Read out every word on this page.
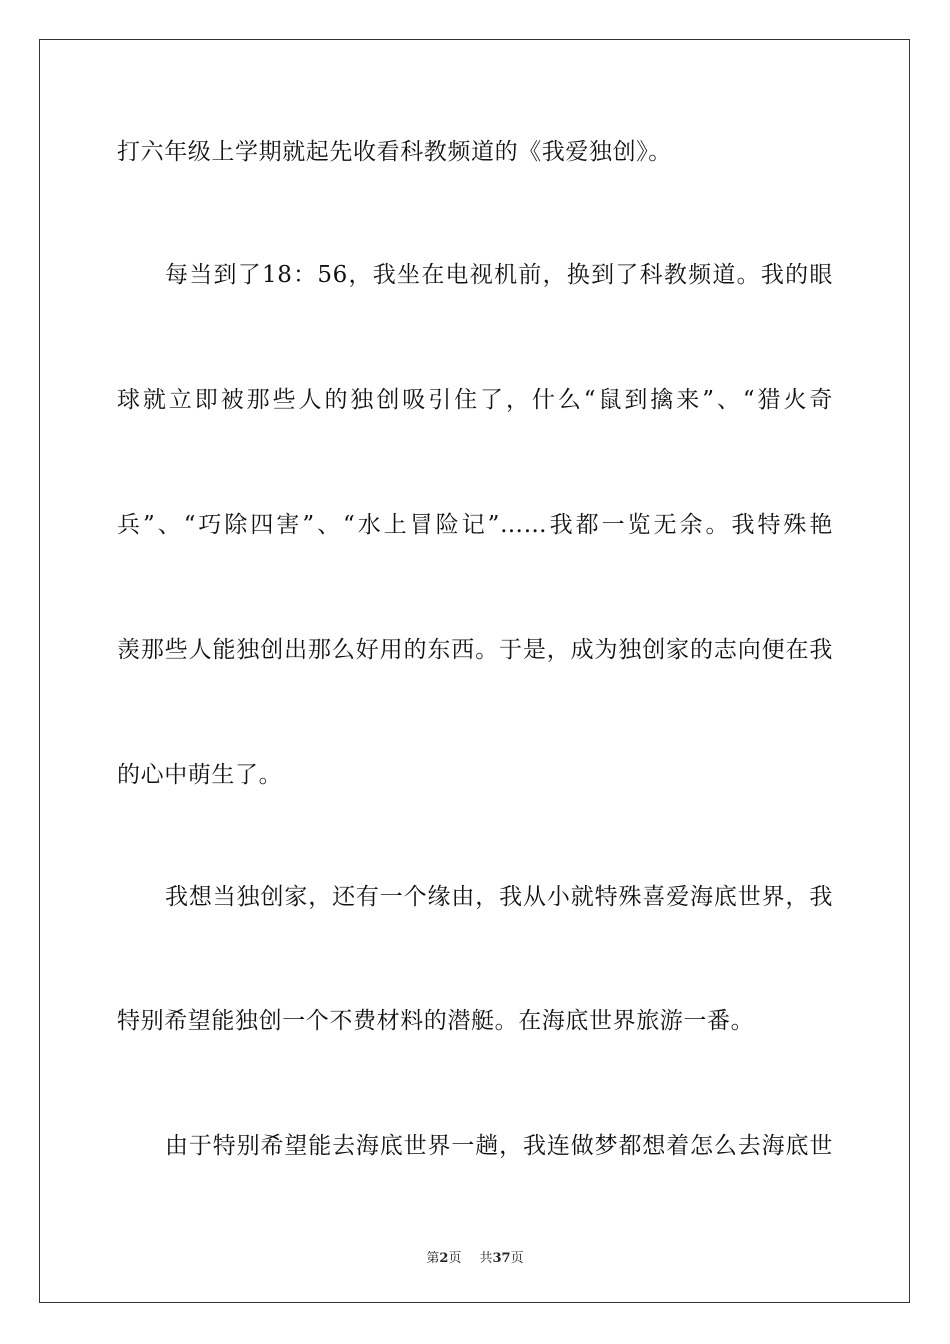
打六年级上学期就起先收看科教频道的《我爱独创》。
每当到了18：56，我坐在电视机前，换到了科教频道。我的眼
球就立即被那些人的独创吸引住了，什么“鼠到擒来”、“猎火奇
兵”、“巧除四害”、“水上冒险记”……我都一览无余。我特殊艳
羡那些人能独创出那么好用的东西。于是，成为独创家的志向便在我
的心中萌生了。
我想当独创家，还有一个缘由，我从小就特殊喜爱海底世界，我
特别希望能独创一个不费材料的潜艇。在海底世界旅游一番。
由于特别希望能去海底世界一趟，我连做梦都想着怎么去海底世
第2页 共37页
